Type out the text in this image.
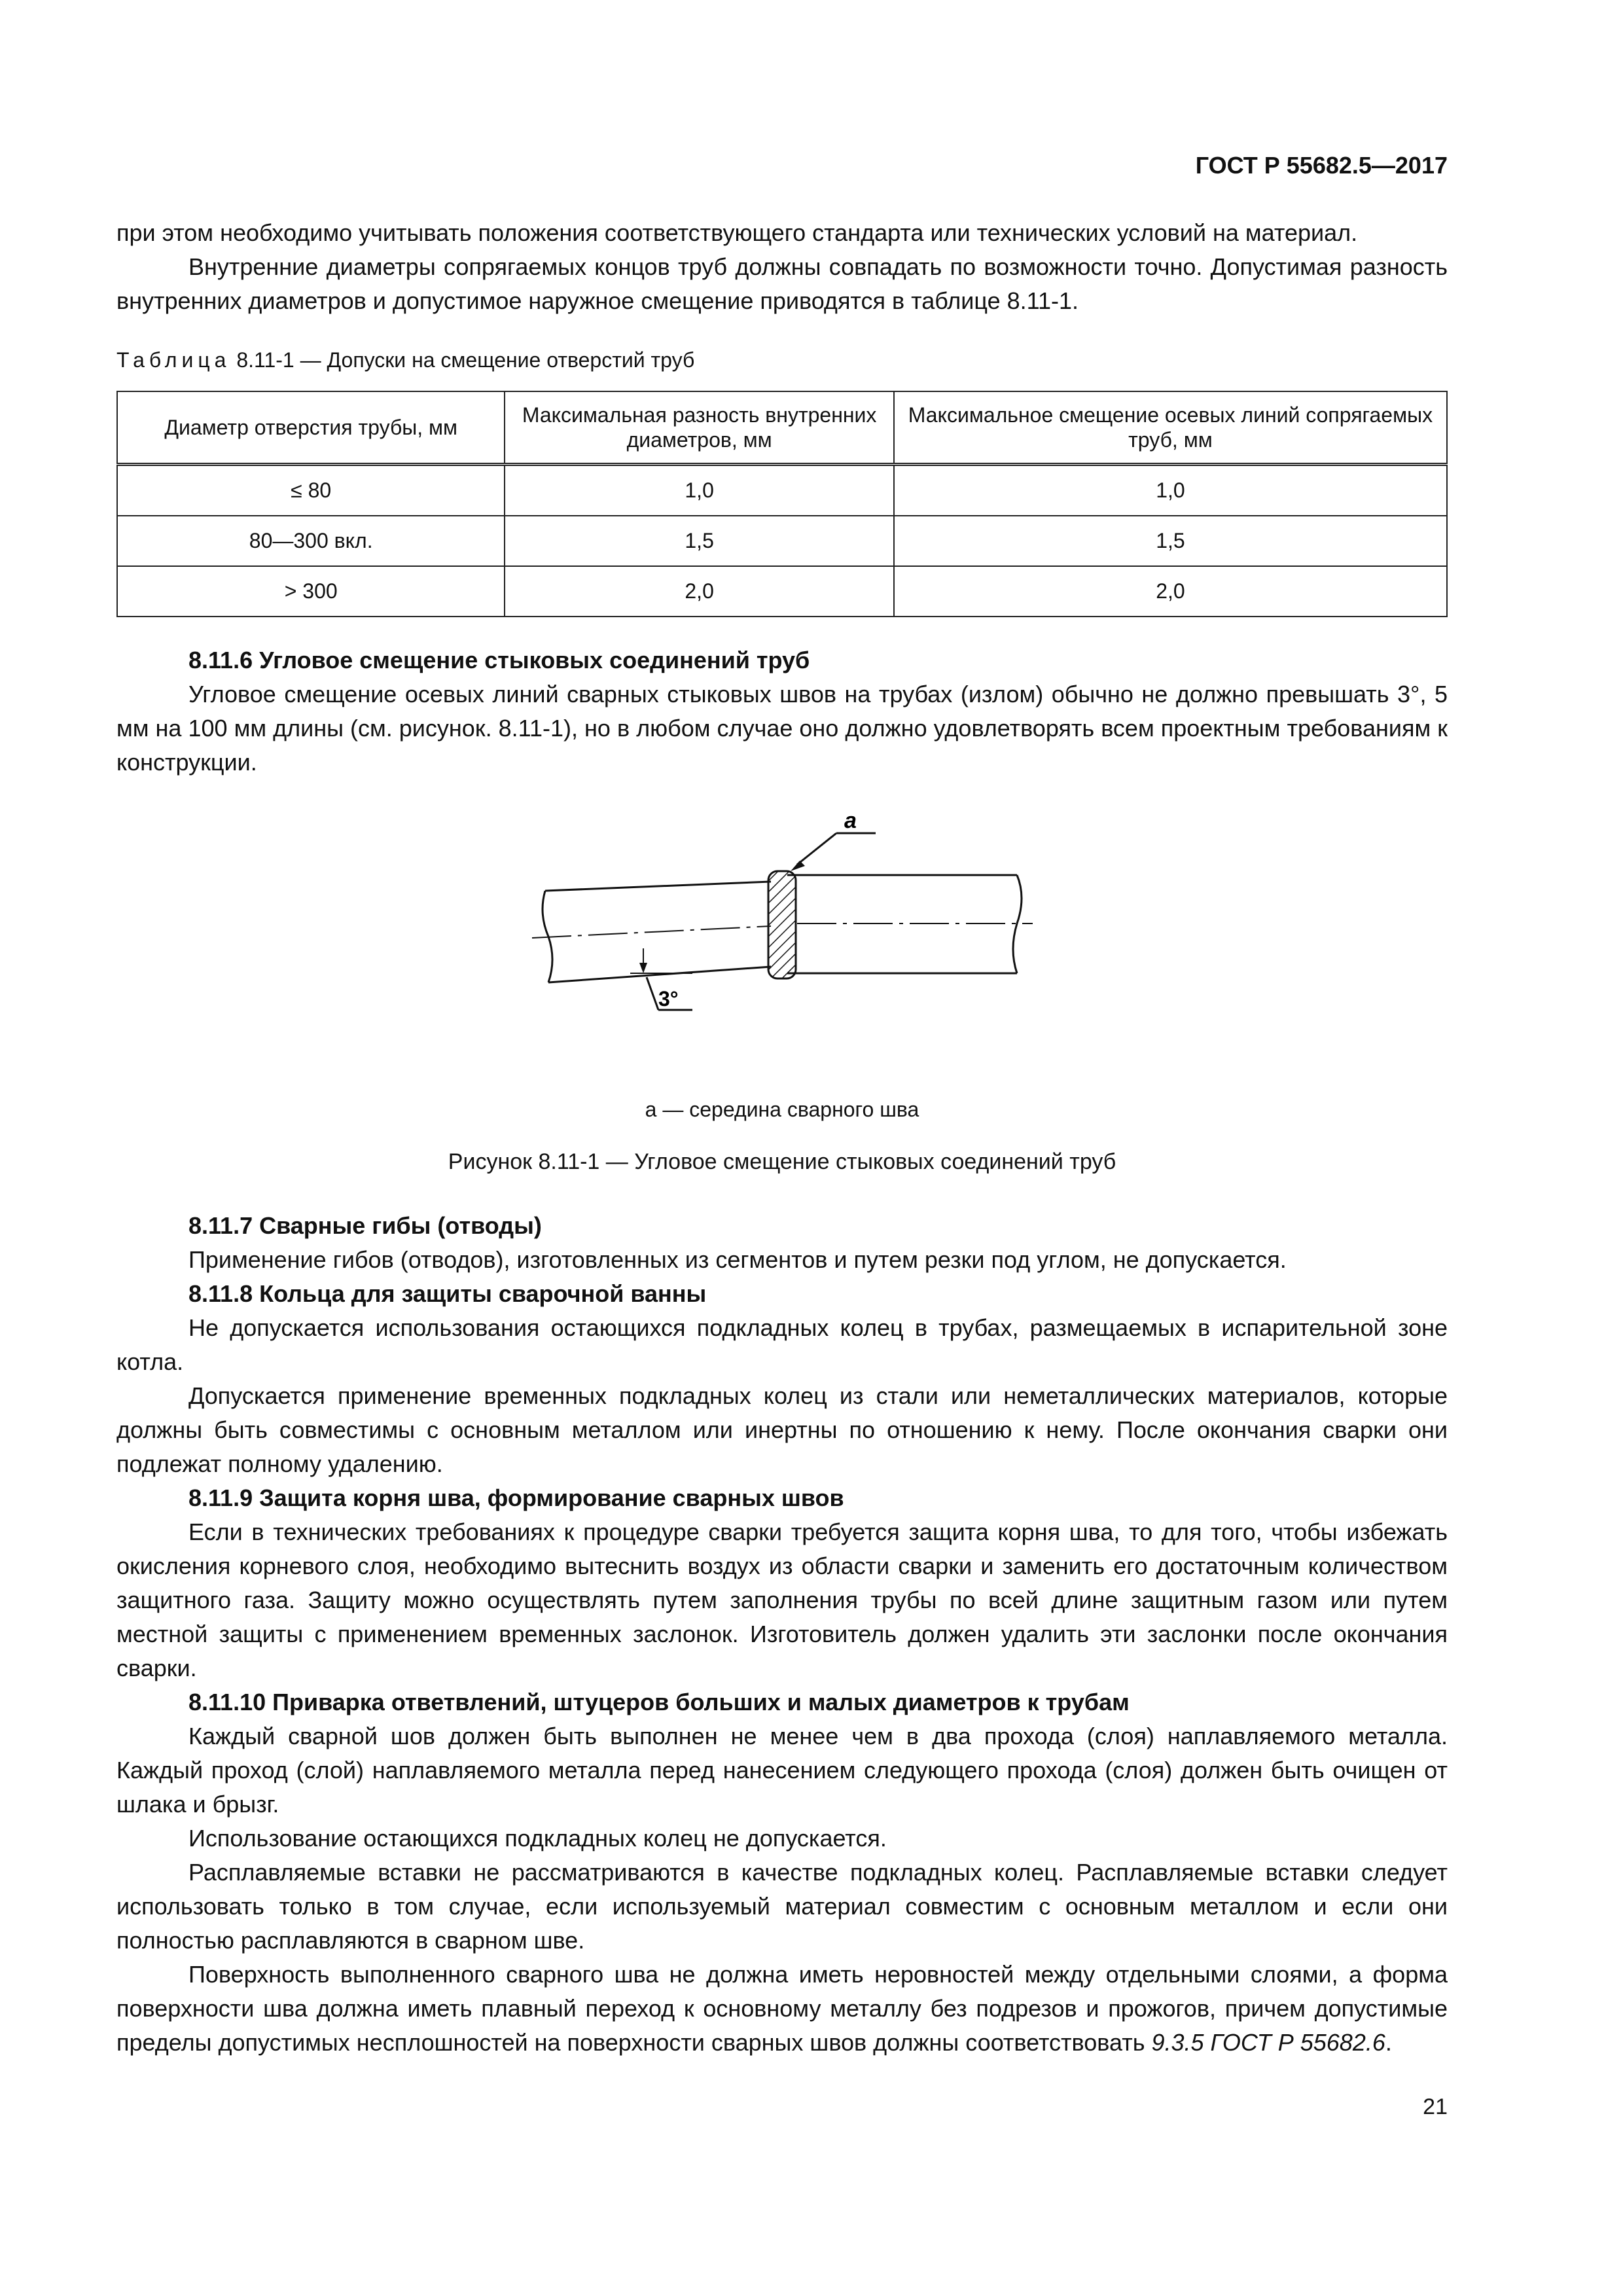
ГОСТ Р 55682.5—2017

при этом необходимо учитывать положения соответствующего стандарта или технических условий на материал.

Внутренние диаметры сопрягаемых концов труб должны совпадать по возможности точно. Допустимая разность внутренних диаметров и допустимое наружное смещение приводятся в таблице 8.11-1.

Таблица 8.11-1 — Допуски на смещение отверстий труб
Диаметр отверстия трубы, мм	Максимальная разность внутренних диаметров, мм	Максимальное смещение осевых линий сопрягаемых труб, мм
≤ 80	1,0	1,0
80—300 вкл.	1,5	1,5
> 300	2,0	2,0

8.11.6 Угловое смещение стыковых соединений труб

Угловое смещение осевых линий сварных стыковых швов на трубах (излом) обычно не должно превышать 3°, 5 мм на 100 мм длины (см. рисунок. 8.11-1), но в любом случае оно должно удовлетворять всем проектным требованиям к конструкции.

a
3°
a — середина сварного шва
Рисунок 8.11-1 — Угловое смещение стыковых соединений труб

8.11.7 Сварные гибы (отводы)

Применение гибов (отводов), изготовленных из сегментов и путем резки под углом, не допускается.

8.11.8 Кольца для защиты сварочной ванны

Не допускается использования остающихся подкладных колец в трубах, размещаемых в испарительной зоне котла.

Допускается применение временных подкладных колец из стали или неметаллических материалов, которые должны быть совместимы с основным металлом или инертны по отношению к нему. После окончания сварки они подлежат полному удалению.

8.11.9 Защита корня шва, формирование сварных швов

Если в технических требованиях к процедуре сварки требуется защита корня шва, то для того, чтобы избежать окисления корневого слоя, необходимо вытеснить воздух из области сварки и заменить его достаточным количеством защитного газа. Защиту можно осуществлять путем заполнения трубы по всей длине защитным газом или путем местной защиты с применением временных заслонок. Изготовитель должен удалить эти заслонки после окончания сварки.

8.11.10 Приварка ответвлений, штуцеров больших и малых диаметров к трубам

Каждый сварной шов должен быть выполнен не менее чем в два прохода (слоя) наплавляемого металла. Каждый проход (слой) наплавляемого металла перед нанесением следующего прохода (слоя) должен быть очищен от шлака и брызг.

Использование остающихся подкладных колец не допускается.

Расплавляемые вставки не рассматриваются в качестве подкладных колец. Расплавляемые вставки следует использовать только в том случае, если используемый материал совместим с основным металлом и если они полностью расплавляются в сварном шве.

Поверхность выполненного сварного шва не должна иметь неровностей между отдельными слоями, а форма поверхности шва должна иметь плавный переход к основному металлу без подрезов и прожогов, причем допустимые пределы допустимых несплошностей на поверхности сварных швов должны соответствовать 9.3.5 ГОСТ Р 55682.6.

21
